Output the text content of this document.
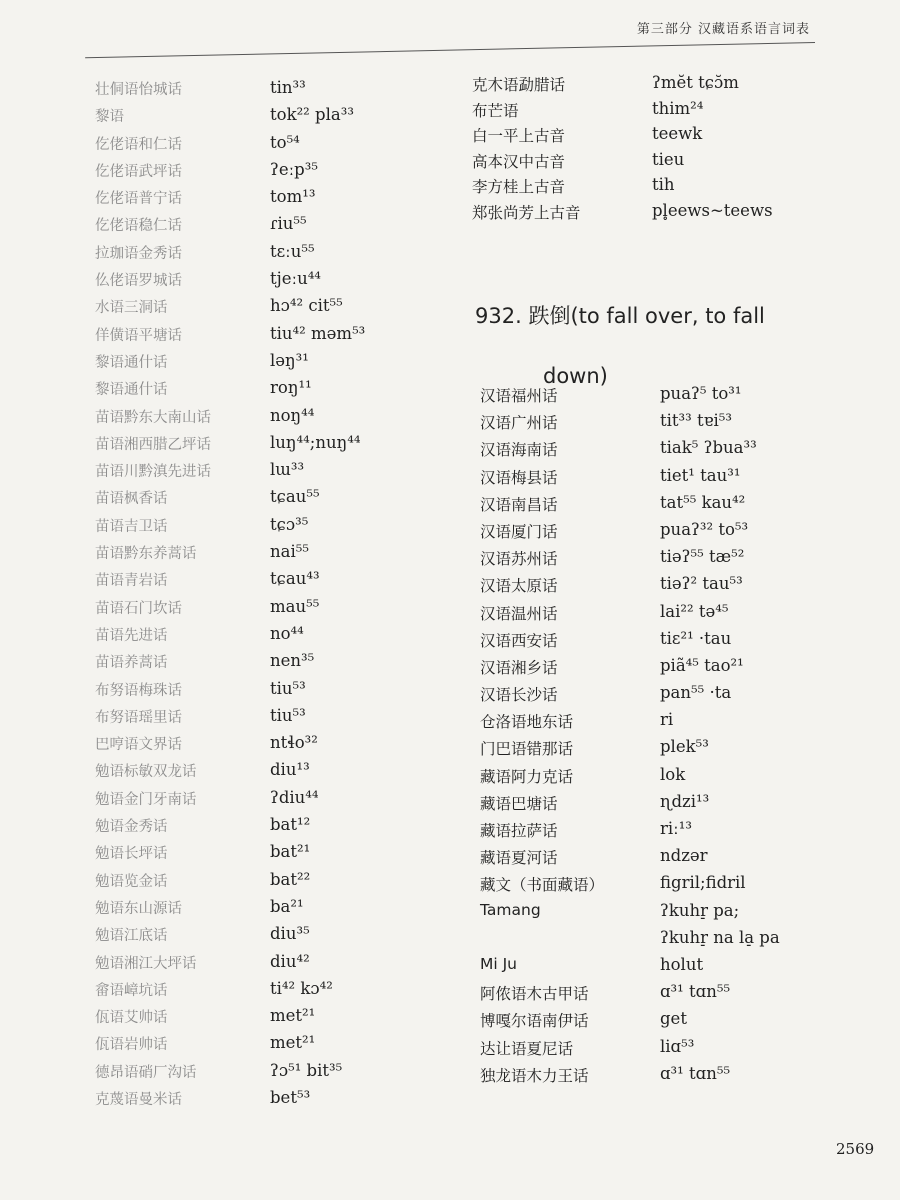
第三部分 汉藏语系语言词表
壮侗语怡城话	tin³³
黎语	tok²² pla³³
仡佬语和仁话	to⁵⁴
仡佬语武坪话	ʔeːp³⁵
仡佬语普宁话	tom¹³
仡佬语稳仁话	ɾiu⁵⁵
拉珈语金秀话	tɛːu⁵⁵
仫佬语罗城话	tjeːu⁴⁴
水语三洞话	hɔ⁴² cit⁵⁵
佯僙语平塘话	tiu⁴² məm⁵³
黎语通什话	ləŋ³¹
黎语通什话	roŋ¹¹
苗语黔东大南山话	noŋ⁴⁴
苗语湘西腊乙坪话	luŋ⁴⁴;nuŋ⁴⁴
苗语川黔滇先进话	lɯ³³
苗语枫香话	tɕau⁵⁵
苗语吉卫话	tɕɔ³⁵
苗语黔东养蒿话	nai⁵⁵
苗语青岩话	tɕau⁴³
苗语石门坎话	mau⁵⁵
苗语先进话	no⁴⁴
苗语养蒿话	nen³⁵
布努语梅珠话	tiu⁵³
布努语瑶里话	tiu⁵³
巴哼语文界话	ntɬo³²
勉语标敏双龙话	diu¹³
勉语金门牙南话	ʔdiu⁴⁴
勉语金秀话	bat¹²
勉语长坪话	bat²¹
勉语览金话	bat²²
勉语东山源话	ba²¹
勉语江底话	diu³⁵
勉语湘江大坪话	diu⁴²
畲语嶂坑话	ti⁴² kɔ⁴²
佤语艾帅话	met²¹
佤语岩帅话	met²¹
德昂语硝厂沟话	ʔɔ⁵¹ bit³⁵
克蔑语曼米话	bet⁵³
克木语勐腊话	ʔmĕt tɕɔ̆m
布芒语	thim²⁴
白一平上古音	teewk
高本汉中古音	tieu
李方桂上古音	tih
郑张尚芳上古音	pl̥eews~teews
932. 跌倒(to fall over, to fall
down)
汉语福州话	puaʔ⁵ to³¹
汉语广州话	tit³³ tɐi⁵³
汉语海南话	tiak⁵ ʔbua³³
汉语梅县话	tiet¹ tau³¹
汉语南昌话	tat⁵⁵ kau⁴²
汉语厦门话	puaʔ³² to⁵³
汉语苏州话	tiəʔ⁵⁵ tæ⁵²
汉语太原话	tiəʔ² tau⁵³
汉语温州话	lai²² tə⁴⁵
汉语西安话	tiɛ²¹ ·tau
汉语湘乡话	piã⁴⁵ tao²¹
汉语长沙话	pan⁵⁵ ·ta
仓洛语地东话	ri
门巴语错那话	plek⁵³
藏语阿力克话	lok
藏语巴塘话	ɳdzi¹³
藏语拉萨话	riː¹³
藏语夏河话	ndzər
藏文（书面藏语）	figril;fidril
Tamang	ʔkuhr̠ pa;
ʔkuhr̠ na la̠ pa
Mi Ju	holut
阿侬语木古甲话	ɑ³¹ tɑn⁵⁵
博嘎尔语南伊话	get
达让语夏尼话	liɑ⁵³
独龙语木力王话	ɑ³¹ tɑn⁵⁵
2569
